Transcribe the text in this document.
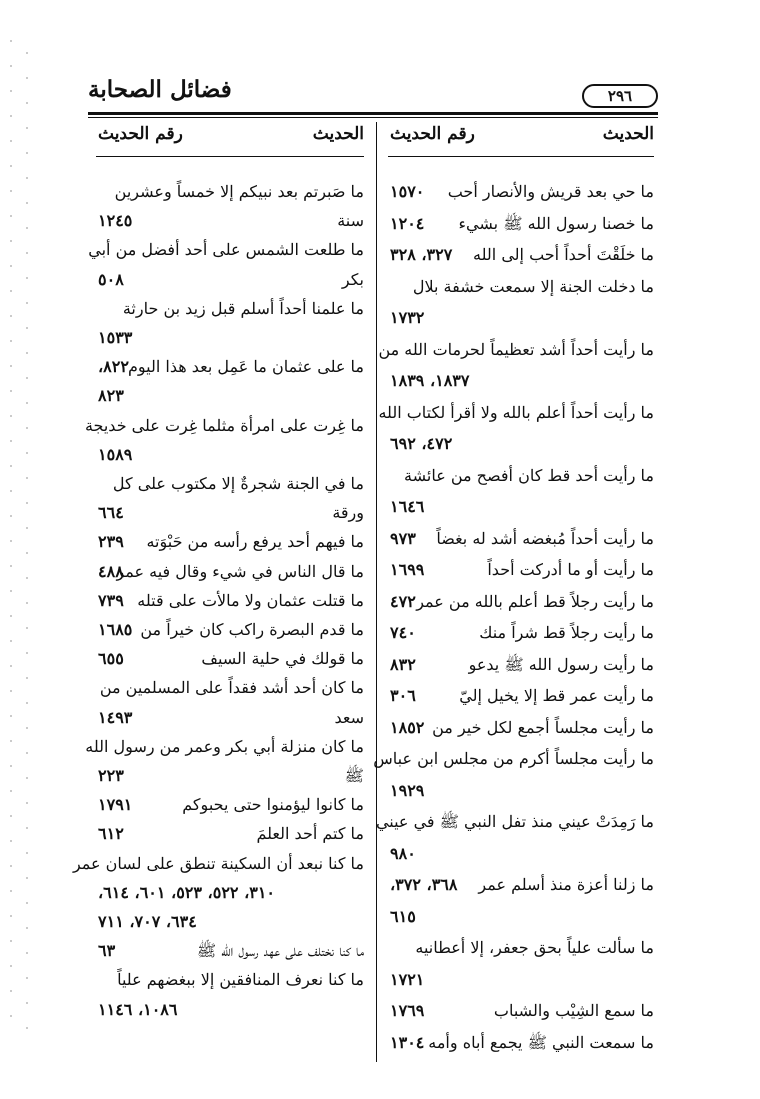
فضائل الصحابة	٢٩٦
الحديث
رقم الحديث
الحديث
رقم الحديث
ما حي بعد قريش والأنصار أحب
١٥٧٠
ما خصنا رسول الله ﷺ بشيء
١٢٠٤
ما خلَقْتَ أحداً أحب إلى الله
٣٢٧، ٣٢٨
ما دخلت الجنة إلا سمعت خشفة بلال
١٧٣٢
ما رأيت أحداً أشد تعظيماً لحرمات الله من
١٨٣٧، ١٨٣٩
ما رأيت أحداً أعلم بالله ولا أقرأ لكتاب الله
٤٧٢، ٦٩٢
ما رأيت أحد قط كان أفصح من عائشة
١٦٤٦
ما رأيت أحداً مُبغضه أشد له بغضاً
٩٧٣
ما رأيت أو ما أدركت أحداً
١٦٩٩
ما رأيت رجلاً قط أعلم بالله من عمر
٤٧٢
ما رأيت رجلاً قط شراً منك
٧٤٠
ما رأيت رسول الله ﷺ يدعو
٨٣٢
ما رأيت عمر قط إلا يخيل إليّ
٣٠٦
ما رأيت مجلساً أجمع لكل خير من
١٨٥٢
ما رأيت مجلساً أكرم من مجلس ابن عباس
١٩٢٩
ما رَمِدَتْ عيني منذ تفل النبي ﷺ في عيني
٩٨٠
ما زلنا أعزة منذ أسلم عمر
٣٦٨، ٣٧٢،
٦١٥
ما سألت علياً بحق جعفر، إلا أعطانيه
١٧٢١
ما سمع الشِيْب والشباب
١٧٦٩
ما سمعت النبي ﷺ يجمع أباه وأمه
١٣٠٤
ما صَبرتم بعد نبيكم إلا خمساً وعشرين
سنة
١٢٤٥
ما طلعت الشمس على أحد أفضل من أبي
بكر
٥٠٨
ما علمنا أحداً أسلم قبل زيد بن حارثة
١٥٣٣
ما على عثمان ما عَمِل بعد هذا اليوم
٨٢٢،
٨٢٣
ما غِرت على امرأة مثلما غِرت على خديجة
١٥٨٩
ما في الجنة شجرةٌ إلا مكتوب على كل
ورقة
٦٦٤
ما فيهم أحد يرفع رأسه من حَبْوَته
٢٣٩
ما قال الناس في شيء وقال فيه عمر
٤٨٨
ما قتلت عثمان ولا مالأت على قتله
٧٣٩
ما قدم البصرة راكب كان خيراً من
١٦٨٥
ما قولك في حلية السيف
٦٥٥
ما كان أحد أشد فقداً على المسلمين من
سعد
١٤٩٣
ما كان منزلة أبي بكر وعمر من رسول الله
ﷺ
٢٢٣
ما كانوا ليؤمنوا حتى يحبوكم
١٧٩١
ما كتم أحد العلمَ
٦١٢
ما كنا نبعد أن السكينة تنطق على لسان عمر
٣١٠، ٥٢٢، ٥٢٣، ٦٠١، ٦١٤،
٦٣٤، ٧٠٧، ٧١١
ما كنا نختلف على عهد رسول الله ﷺ
٦٣
ما كنا نعرف المنافقين إلا ببغضهم علياً
١٠٨٦، ١١٤٦
